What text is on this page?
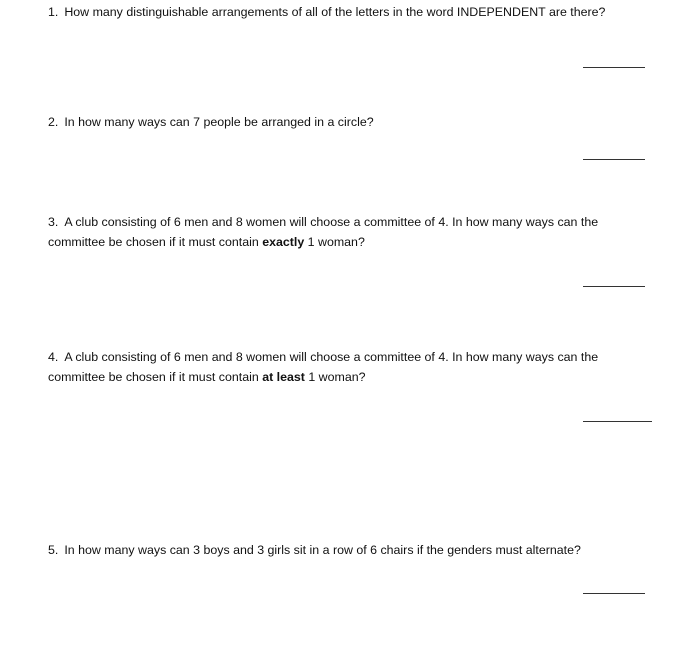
1. How many distinguishable arrangements of all of the letters in the word INDEPENDENT are there?

2. In how many ways can 7 people be arranged in a circle?

3. A club consisting of 6 men and 8 women will choose a committee of 4. In how many ways can the
committee be chosen if it must contain exactly 1 woman?

4. A club consisting of 6 men and 8 women will choose a committee of 4. In how many ways can the
committee be chosen if it must contain at least 1 woman?

5. In how many ways can 3 boys and 3 girls sit in a row of 6 chairs if the genders must alternate?
